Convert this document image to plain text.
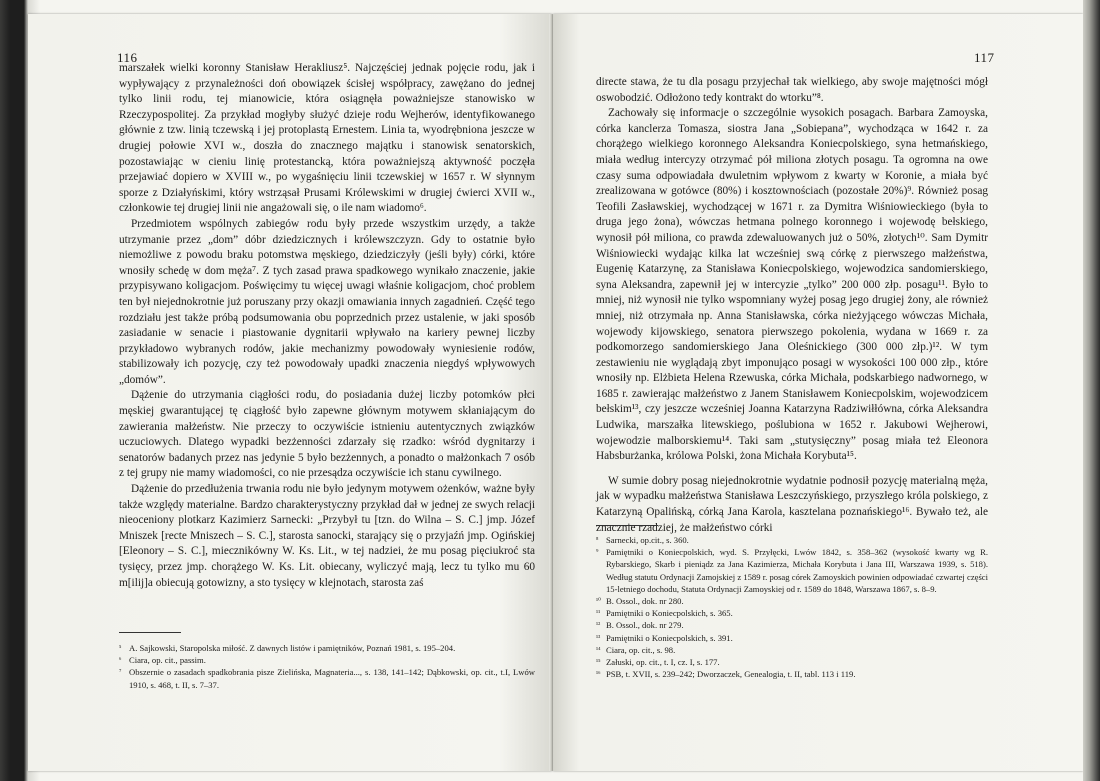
116

marszałek wielki koronny Stanisław Herakliusz⁵. Najczęściej jednak pojęcie rodu, jak i wypływający z przynależności doń obowiązek ścisłej współpracy, zawężano do jednej tylko linii rodu, tej mianowicie, która osiągnęła poważniejsze stanowisko w Rzeczypospolitej. Za przykład mogłyby służyć dzieje rodu Wejherów, identyfikowanego głównie z tzw. linią tczewską i jej protoplastą Ernestem. Linia ta, wyodrębniona jeszcze w drugiej połowie XVI w., doszła do znacznego majątku i stanowisk senatorskich, pozostawiając w cieniu linię protestancką, która poważniejszą aktywność poczęła przejawiać dopiero w XVIII w., po wygaśnięciu linii tczewskiej w 1657 r. W słynnym sporze z Działyńskimi, który wstrząsał Prusami Królewskimi w drugiej ćwierci XVII w., członkowie tej drugiej linii nie angażowali się, o ile nam wiadomo⁶.

Przedmiotem wspólnych zabiegów rodu były przede wszystkim urzędy, a także utrzymanie przez „dom” dóbr dziedzicznych i królewszczyzn. Gdy to ostatnie było niemożliwe z powodu braku potomstwa męskiego, dziedziczyły (jeśli były) córki, które wnosiły schedę w dom męża⁷. Z tych zasad prawa spadkowego wynikało znaczenie, jakie przypisywano koligacjom. Poświęcimy tu więcej uwagi właśnie koligacjom, choć problem ten był niejednokrotnie już poruszany przy okazji omawiania innych zagadnień. Część tego rozdziału jest także próbą podsumowania obu poprzednich przez ustalenie, w jaki sposób zasiadanie w senacie i piastowanie dygnitarii wpływało na kariery pewnej liczby przykładowo wybranych rodów, jakie mechanizmy powodowały wyniesienie rodów, stabilizowały ich pozycję, czy też powodowały upadki znaczenia niegdyś wpływowych „domów”.

Dążenie do utrzymania ciągłości rodu, do posiadania dużej liczby potomków płci męskiej gwarantującej tę ciągłość było zapewne głównym motywem skłaniającym do zawierania małżeństw. Nie przeczy to oczywiście istnieniu autentycznych związków uczuciowych. Dlatego wypadki bezżenności zdarzały się rzadko: wśród dygnitarzy i senatorów badanych przez nas jedynie 5 było bezżennych, a ponadto o małżonkach 7 osób z tej grupy nie mamy wiadomości, co nie przesądza oczywiście ich stanu cywilnego.

Dążenie do przedłużenia trwania rodu nie było jedynym motywem ożenków, ważne były także względy materialne. Bardzo charakterystyczny przykład dał w jednej ze swych relacji nieoceniony plotkarz Kazimierz Sarnecki: „Przybył tu [tzn. do Wilna – S. C.] jmp. Józef Mniszek [recte Mniszech – S. C.], starosta sanocki, starający się o przyjaźń jmp. Ogińskiej [Eleonory – S. C.], miecznikówny W. Ks. Lit., w tej nadziei, że mu posag pięciukroć sta tysięcy, przez jmp. chorążego W. Ks. Lit. obiecany, wyliczyć mają, lecz tu tylko mu 60 m[ilij]a obiecują gotowizny, a sto tysięcy w klejnotach, starosta zaś

⁵ A. Sajkowski, Staropolska miłość. Z dawnych listów i pamiętników, Poznań 1981, s. 195–204.
⁶ Ciara, op. cit., passim.
⁷ Obszernie o zasadach spadkobrania pisze Zielińska, Magnateria..., s. 138, 141–142; Dąbkowski, op. cit., t.I, Lwów 1910, s. 468, t. II, s. 7–37.
117

directe stawa, że tu dla posagu przyjechał tak wielkiego, aby swoje majętności mógł oswobodzić. Odłożono tedy kontrakt do wtorku”⁸.

Zachowały się informacje o szczególnie wysokich posagach. Barbara Zamoyska, córka kanclerza Tomasza, siostra Jana „Sobiepana”, wychodząca w 1642 r. za chorążego wielkiego koronnego Aleksandra Koniecpolskiego, syna hetmańskiego, miała według intercyzy otrzymać pół miliona złotych posagu. Ta ogromna na owe czasy suma odpowiadała dwuletnim wpływom z kwarty w Koronie, a miała być zrealizowana w gotówce (80%) i kosztownościach (pozostałe 20%)⁹. Również posag Teofili Zasławskiej, wychodzącej w 1671 r. za Dymitra Wiśniowieckiego (była to druga jego żona), wówczas hetmana polnego koronnego i wojewodę bełskiego, wynosił pół miliona, co prawda zdewaluowanych już o 50%, złotych¹⁰. Sam Dymitr Wiśniowiecki wydając kilka lat wcześniej swą córkę z pierwszego małżeństwa, Eugenię Katarzynę, za Stanisława Koniecpolskiego, wojewodzica sandomierskiego, syna Aleksandra, zapewnił jej w intercyzie „tylko” 200 000 złp. posagu¹¹. Było to mniej, niż wynosił nie tylko wspomniany wyżej posag jego drugiej żony, ale również mniej, niż otrzymała np. Anna Stanisławska, córka nieżyjącego wówczas Michała, wojewody kijowskiego, senatora pierwszego pokolenia, wydana w 1669 r. za podkomorzego sandomierskiego Jana Oleśnickiego (300 000 złp.)¹². W tym zestawieniu nie wyglądają zbyt imponująco posagi w wysokości 100 000 złp., które wnosiły np. Elżbieta Helena Rzewuska, córka Michała, podskarbiego nadwornego, w 1685 r. zawierając małżeństwo z Janem Stanisławem Koniecpolskim, wojewodzicem bełskim¹³, czy jeszcze wcześniej Joanna Katarzyna Radziwiłłówna, córka Aleksandra Ludwika, marszałka litewskiego, poślubiona w 1652 r. Jakubowi Wejherowi, wojewodzie malborskiemu¹⁴. Taki sam „stutysięczny” posag miała też Eleonora Habsburżanka, królowa Polski, żona Michała Korybuta¹⁵.

W sumie dobry posag niejednokrotnie wydatnie podnosił pozycję materialną męża, jak w wypadku małżeństwa Stanisława Leszczyńskiego, przyszłego króla polskiego, z Katarzyną Opalińską, córką Jana Karola, kasztelana poznańskiego¹⁶. Bywało też, ale znacznie rzadziej, że małżeństwo córki

⁸ Sarnecki, op.cit., s. 360.
⁹ Pamiętniki o Koniecpolskich, wyd. S. Przyłęcki, Lwów 1842, s. 358–362 (wysokość kwarty wg R. Rybarskiego, Skarb i pieniądz za Jana Kazimierza, Michała Korybuta i Jana III, Warszawa 1939, s. 518). Według statutu Ordynacji Zamojskiej z 1589 r. posag córek Zamoyskich powinien odpowiadać czwartej części 15-letniego dochodu, Statuta Ordynacji Zamoyskiej od r. 1589 do 1848, Warszawa 1867, s. 8–9.
¹⁰ B. Ossol., dok. nr 280.
¹¹ Pamiętniki o Koniecpolskich, s. 365.
¹² B. Ossol., dok. nr 279.
¹³ Pamiętniki o Koniecpolskich, s. 391.
¹⁴ Ciara, op. cit., s. 98.
¹⁵ Załuski, op. cit., t. I, cz. I, s. 177.
¹⁶ PSB, t. XVII, s. 239–242; Dworzaczek, Genealogia, t. II, tabl. 113 i 119.
